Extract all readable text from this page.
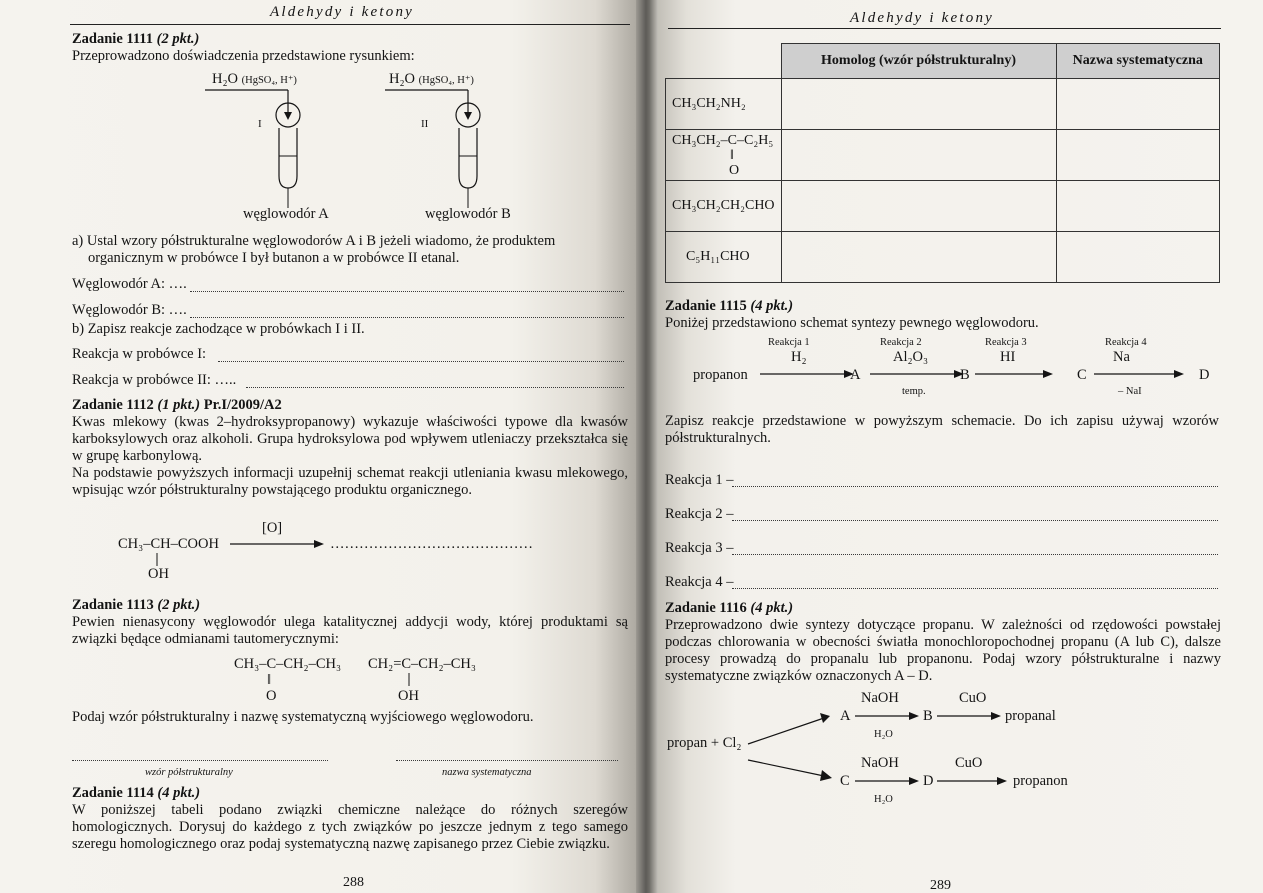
Aldehydy i ketony
Zadanie 1111 (2 pkt.)
Przeprowadzono doświadczenia przedstawione rysunkiem:
H₂O (HgSO₄, H⁺)
I
węglowodór A
H₂O (HgSO₄, H⁺)
II
węglowodór B
a) Ustal wzory półstrukturalne węglowodorów A i B jeżeli wiadomo, że produktem
organicznym w probówce I był butanon a w probówce II etanal.
Węglowodór A: ….
Węglowodór B: ….
b) Zapisz reakcje zachodzące w probówkach I i II.
Reakcja w probówce I:
Reakcja w probówce II: …..
Zadanie 1112 (1 pkt.) Pr.I/2009/A2
Kwas mlekowy (kwas 2–hydroksypropanowy) wykazuje właściwości typowe dla kwasów
karboksylowych oraz alkoholi. Grupa hydroksylowa pod wpływem utleniaczy przekształca się
w grupę karbonylową.
Na podstawie powyższych informacji uzupełnij schemat reakcji utleniania kwasu mlekowego,
wpisując wzór półstrukturalny powstającego produktu organicznego.
[O]
CH₃–CH–COOH	……………………………………
OH
Zadanie 1113 (2 pkt.)
Pewien nienasycony węglowodór ulega katalitycznej addycji wody, której produktami są
związki będące odmianami tautomerycznymi:
CH₃–C–CH₂–CH₃
‖
O
CH₂=C–CH₂–CH₃
OH
Podaj wzór półstrukturalny i nazwę systematyczną wyjściowego węglowodoru.
wzór półstrukturalny	nazwa systematyczna
Zadanie 1114 (4 pkt.)
W poniższej tabeli podano związki chemiczne należące do różnych szeregów
homologicznych. Dorysuj do każdego z tych związków po jeszcze jednym z tego samego
szeregu homologicznego oraz podaj systematyczną nazwę zapisanego przez Ciebie związku.
288
Aldehydy i ketony
	Homolog (wzór półstrukturalny)	Nazwa systematyczna
CH₃CH₂NH₂		

CH₃CH₂–C–C₂H₅
‖
O		

CH₃CH₂CH₂CHO		
C₅H₁₁CHO		
Zadanie 1115 (4 pkt.)
Poniżej przedstawiono schemat syntezy pewnego węglowodoru.
propanon
Reakcja 1
H₂
A
Reakcja 2
Al₂O₃
temp.
B
Reakcja 3
HI
C
Reakcja 4
Na
– NaI
D
Zapisz reakcje przedstawione w powyższym schemacie. Do ich zapisu używaj wzorów
półstrukturalnych.
Reakcja 1 –
Reakcja 2 –
Reakcja 3 –
Reakcja 4 –
Zadanie 1116 (4 pkt.)
Przeprowadzono dwie syntezy dotyczące propanu. W zależności od rzędowości powstałej
podczas chlorowania w obecności światła monochloropochodnej propanu (A lub C), dalsze
procesy prowadzą do propanalu lub propanonu. Podaj wzory półstrukturalne i nazwy
systematyczne związków oznaczonych A – D.
propan + Cl₂
A
NaOH
H₂O
B
CuO
propanal
C
NaOH
H₂O
D
CuO
propanon
289
